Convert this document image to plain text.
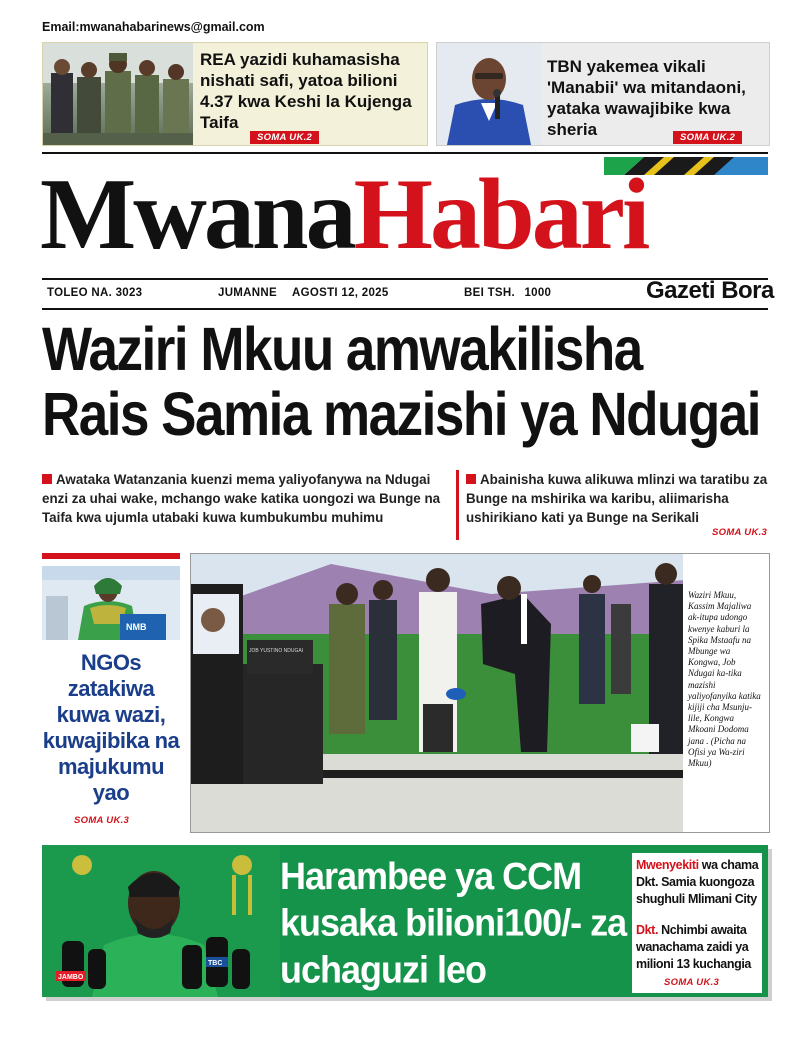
Email:mwanahabarinews@gmail.com
REA yazidi kuhamasisha nishati safi, yatoa bilioni 4.37 kwa Keshi la Kujenga Taifa
SOMA UK.2
TBN yakemea vikali 'Manabii' wa mitandaoni, yataka wawajibike kwa sheria	SOMA UK.2
MwanaHabari
TOLEO NA. 3023	JUMANNE AGOSTI 12, 2025	BEI TSH. 1000	Gazeti Bora
Waziri Mkuu amwakilisha
Rais Samia mazishi ya Ndugai
Awataka Watanzania kuenzi mema yaliyofanywa na Ndugai enzi za uhai wake, mchango wake katika uongozi wa Bunge na Taifa kwa ujumla utabaki kuwa kumbukumbu muhimu
Abainisha kuwa alikuwa mlinzi wa taratibu za Bunge na mshirika wa karibu, aliimarisha ushirikiano kati ya Bunge na Serikali
SOMA UK.3
NMB
NGOs zatakiwa kuwa wazi, kuwajibika na majukumu yao
SOMA UK.3
JOB YUSTINO NDUGAI
Waziri Mkuu, Kassim Majaliwa ak-itupa udongo kwenye kaburi la Spika Mstaafu na Mbunge wa Kongwa, Job Ndugai ka-tika mazishi yaliyofanyika katika kijiji cha Msunju-lile, Kongwa Mkoani Dodoma jana . (Picha na Ofisi ya Wa-ziri Mkuu)
TBC
JAMBO
Harambee ya CCM kusaka bilioni100/- za uchaguzi leo

Mwenyekiti wa chama Dkt. Samia kuongoza shughuli Mlimani City

Dkt. Nchimbi awaita wanachama zaidi ya milioni 13 kuchangia

SOMA UK.3
